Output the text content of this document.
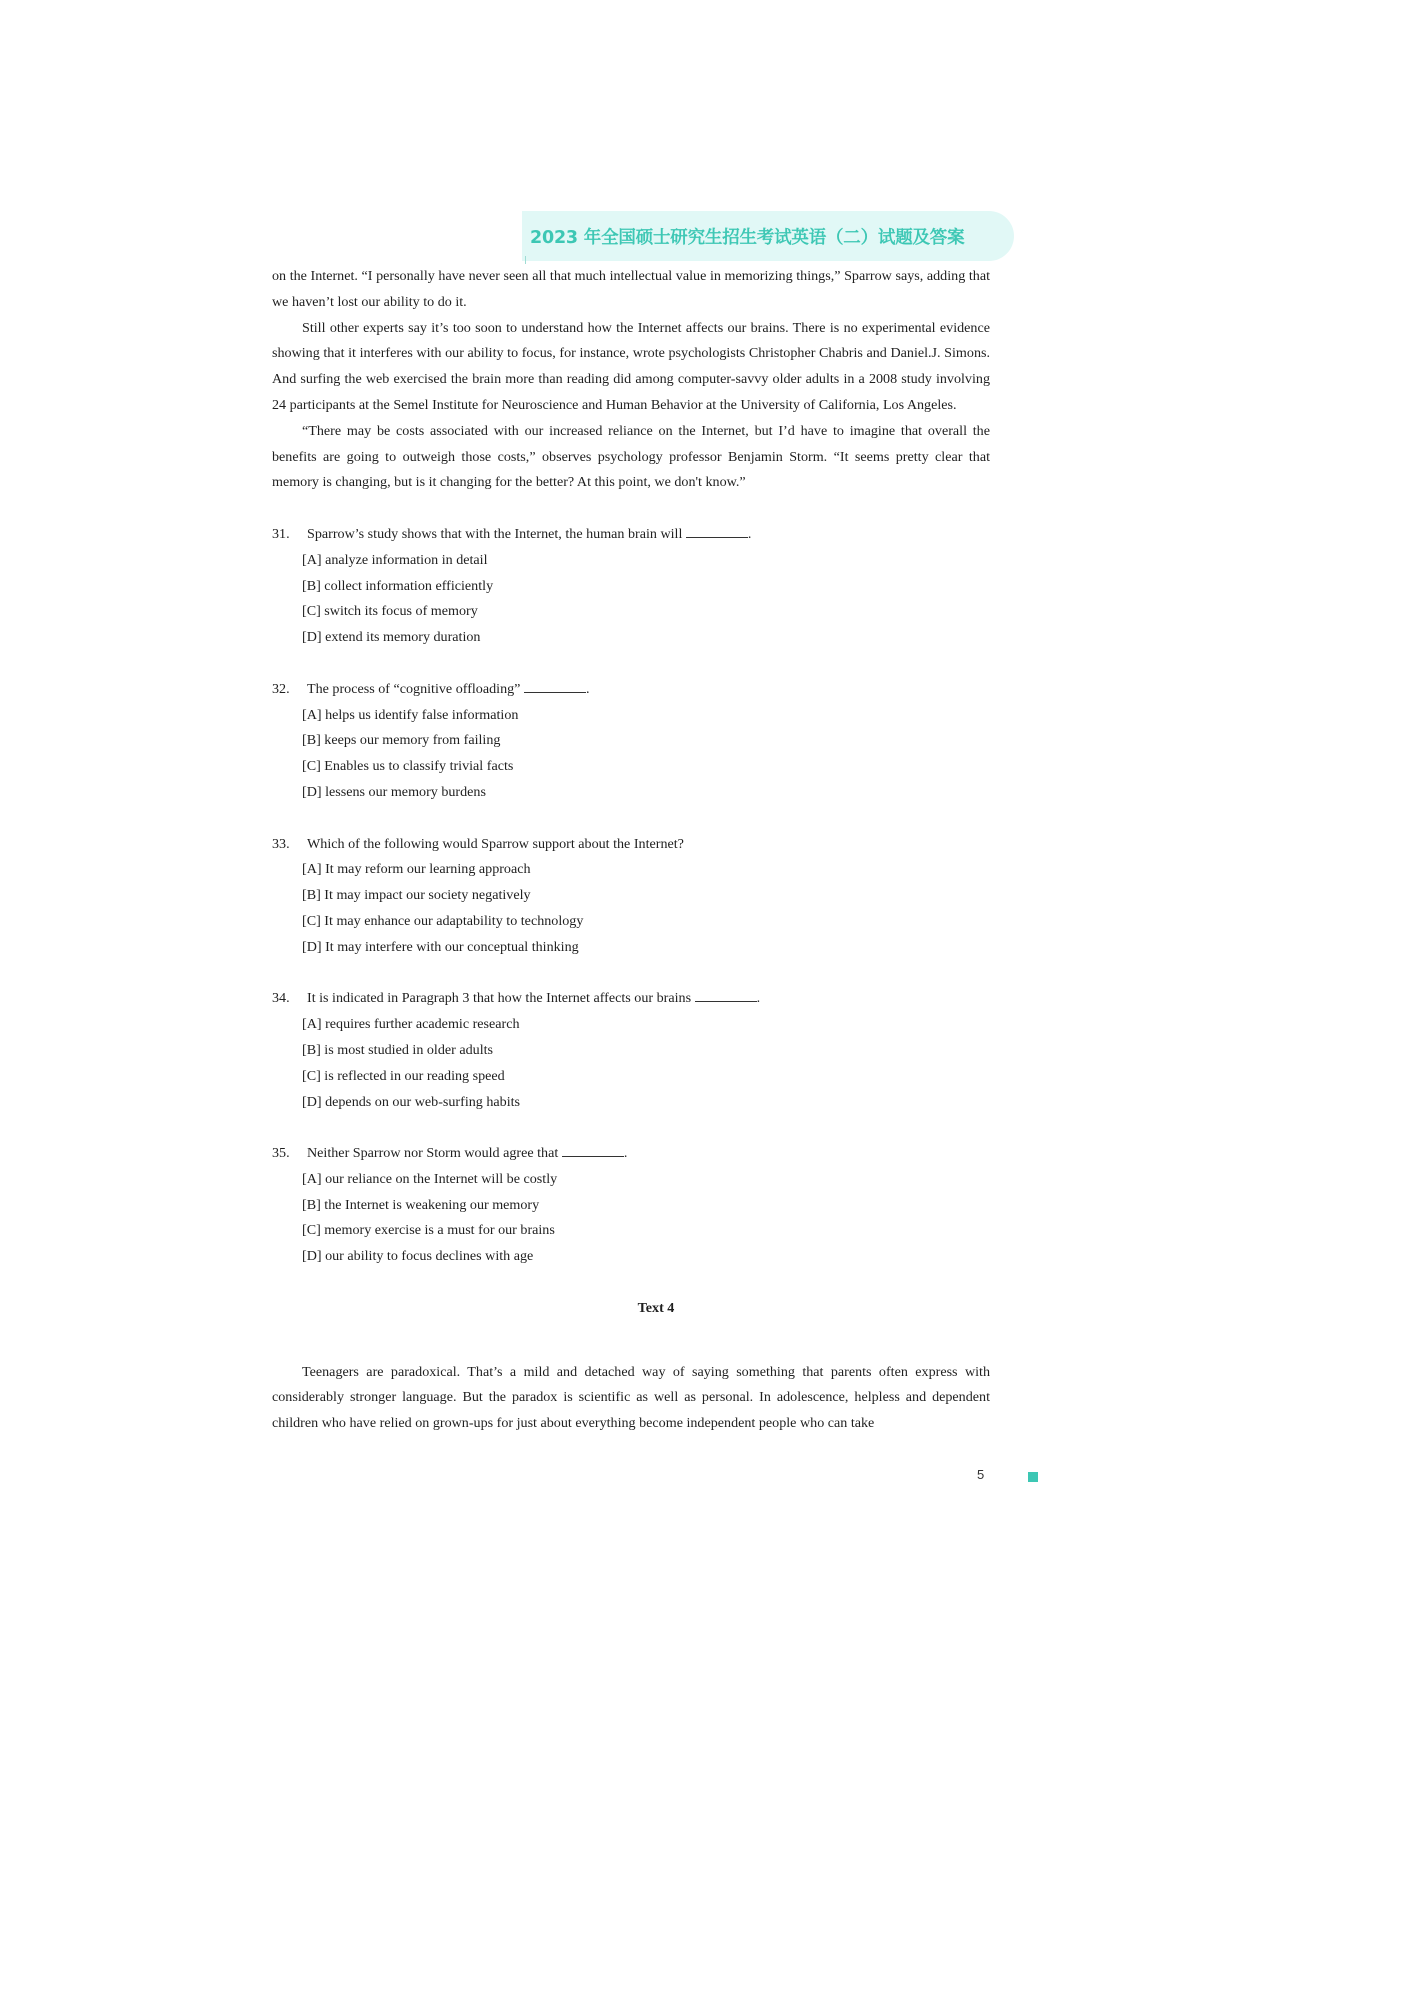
2023 年全国硕士研究生招生考试英语（二）试题及答案

on the Internet. “I personally have never seen all that much intellectual value in memorizing things,” Sparrow says, adding that we haven’t lost our ability to do it.

Still other experts say it’s too soon to understand how the Internet affects our brains. There is no experimental evidence showing that it interferes with our ability to focus, for instance, wrote psychologists Christopher Chabris and Daniel.J. Simons. And surfing the web exercised the brain more than reading did among computer-savvy older adults in a 2008 study involving 24 participants at the Semel Institute for Neuroscience and Human Behavior at the University of California, Los Angeles.

“There may be costs associated with our increased reliance on the Internet, but I’d have to imagine that overall the benefits are going to outweigh those costs,” observes psychology professor Benjamin Storm. “It seems pretty clear that memory is changing, but is it changing for the better? At this point, we don't know.”

31. Sparrow’s study shows that with the Internet, the human brain will	.
[A] analyze information in detail
[B] collect information efficiently
[C] switch its focus of memory
[D] extend its memory duration
32. The process of “cognitive offloading”	.
[A] helps us identify false information
[B] keeps our memory from failing
[C] Enables us to classify trivial facts
[D] lessens our memory burdens
33. Which of the following would Sparrow support about the Internet?
[A] It may reform our learning approach
[B] It may impact our society negatively
[C] It may enhance our adaptability to technology
[D] It may interfere with our conceptual thinking
34. It is indicated in Paragraph 3 that how the Internet affects our brains	.
[A] requires further academic research
[B] is most studied in older adults
[C] is reflected in our reading speed
[D] depends on our web-surfing habits
35. Neither Sparrow nor Storm would agree that	.
[A] our reliance on the Internet will be costly
[B] the Internet is weakening our memory
[C] memory exercise is a must for our brains
[D] our ability to focus declines with age
Text 4

Teenagers are paradoxical. That’s a mild and detached way of saying something that parents often express with considerably stronger language. But the paradox is scientific as well as personal. In adolescence, helpless and dependent children who have relied on grown-ups for just about everything become independent people who can take

5
